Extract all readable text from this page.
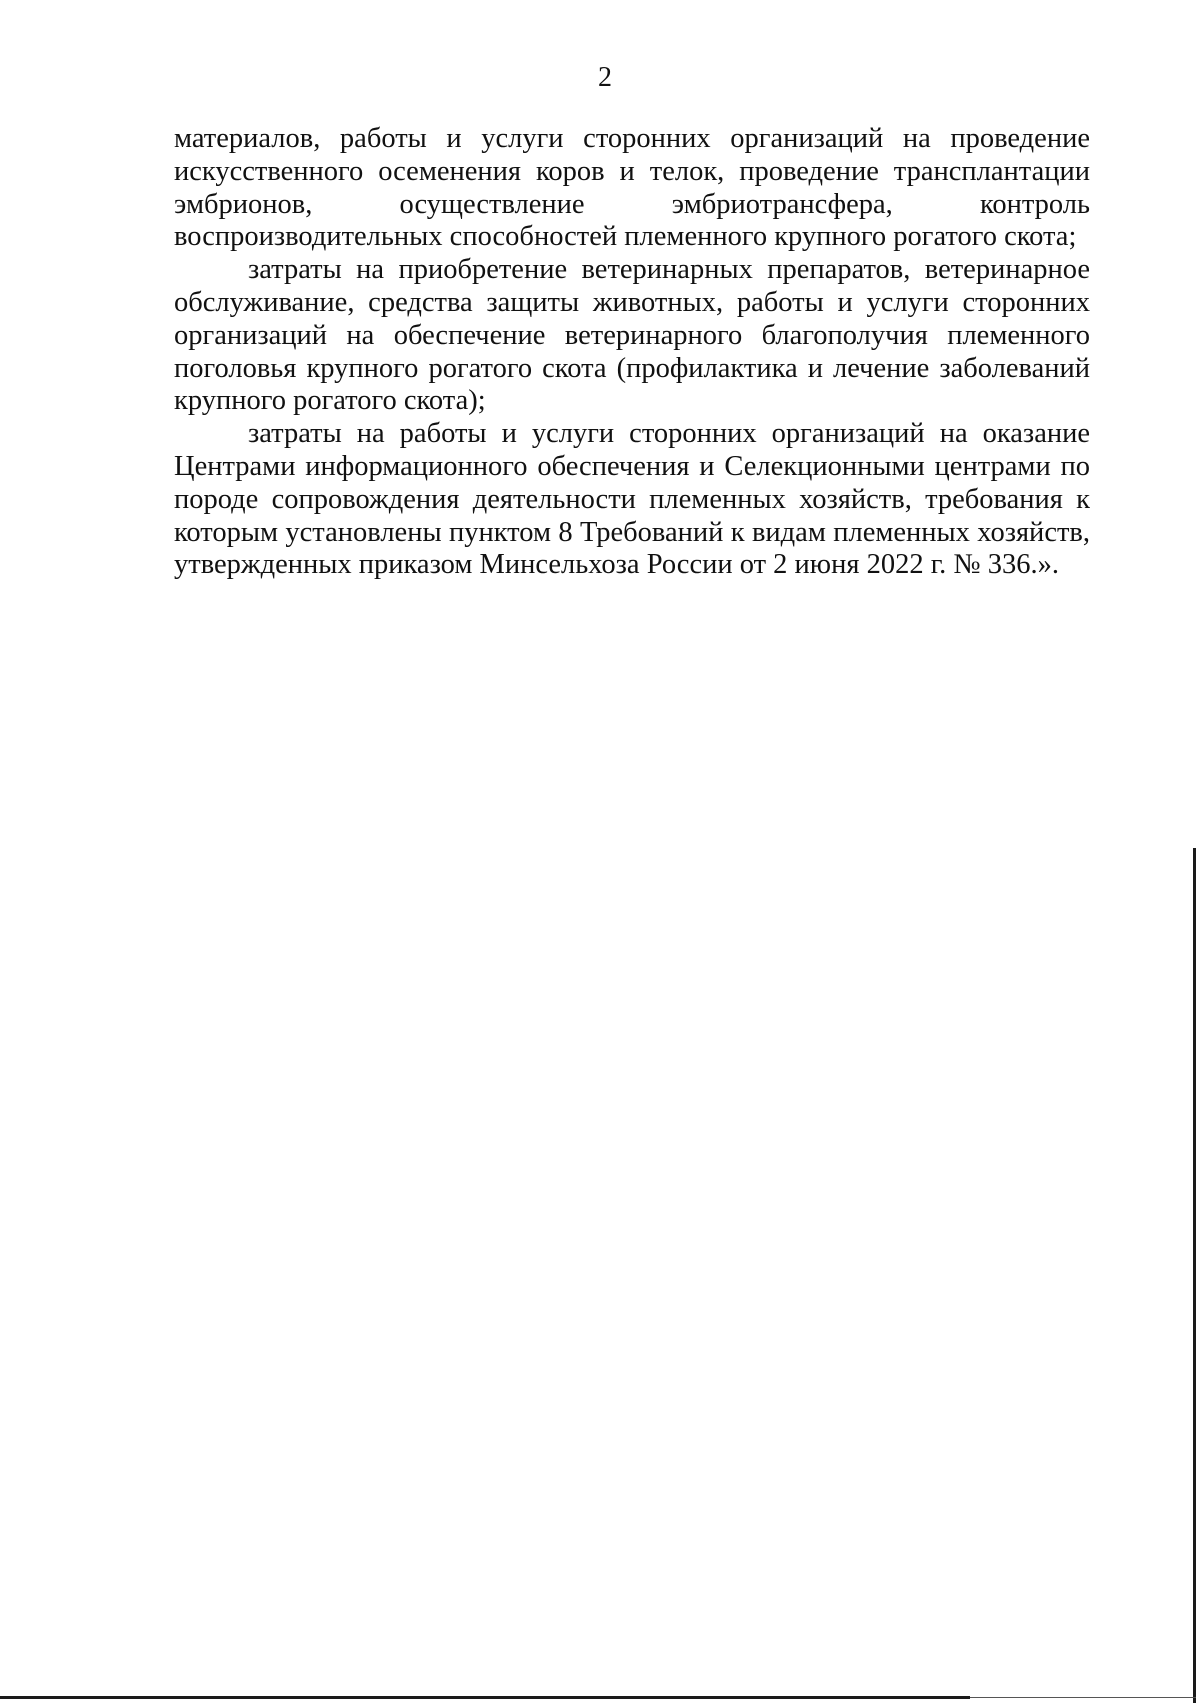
2

материалов, работы и услуги сторонних организаций на проведение искусственного осеменения коров и телок, проведение трансплантации эмбрионов, осуществление эмбриотрансфера, контроль воспроизводительных способностей племенного крупного рогатого скота;

затраты на приобретение ветеринарных препаратов, ветеринарное обслуживание, средства защиты животных, работы и услуги сторонних организаций на обеспечение ветеринарного благополучия племенного поголовья крупного рогатого скота (профилактика и лечение заболеваний крупного рогатого скота);

затраты на работы и услуги сторонних организаций на оказание Центрами информационного обеспечения и Селекционными центрами по породе сопровождения деятельности племенных хозяйств, требования к которым установлены пунктом 8 Требований к видам племенных хозяйств, утвержденных приказом Минсельхоза России от 2 июня 2022 г. № 336.».
